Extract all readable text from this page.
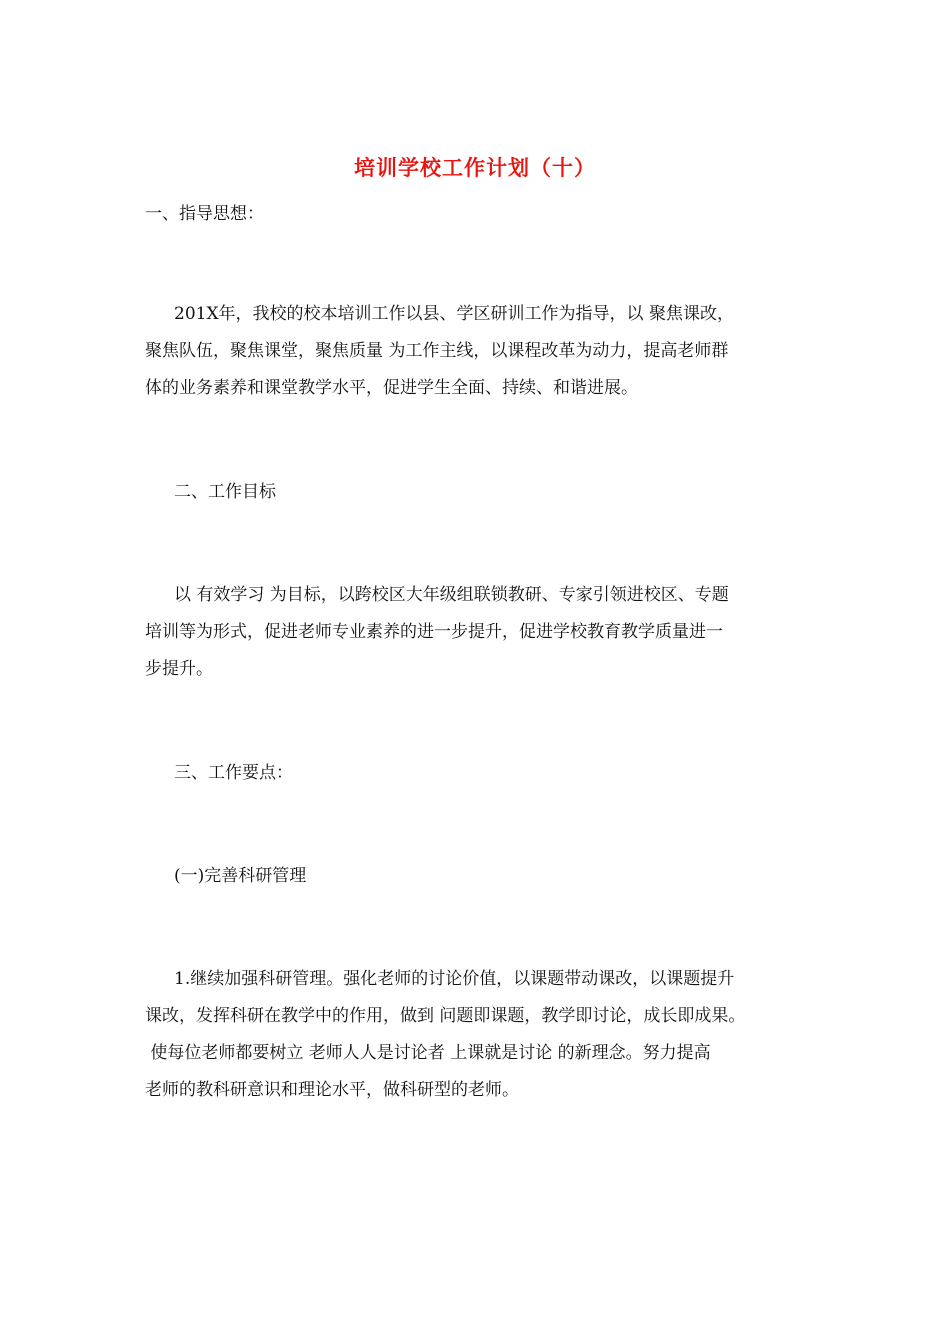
培训学校工作计划（十）
一、指导思想：
201X年，我校的校本培训工作以县、学区研训工作为指导，以 聚焦课改，
聚焦队伍，聚焦课堂，聚焦质量 为工作主线，以课程改革为动力，提高老师群
体的业务素养和课堂教学水平，促进学生全面、持续、和谐进展。
二、工作目标
以 有效学习 为目标，以跨校区大年级组联锁教研、专家引领进校区、专题
培训等为形式，促进老师专业素养的进一步提升，促进学校教育教学质量进一
步提升。
三、工作要点：
(一)完善科研管理
1.继续加强科研管理。强化老师的讨论价值，以课题带动课改，以课题提升
课改，发挥科研在教学中的作用，做到 问题即课题，教学即讨论，成长即成果。
使每位老师都要树立 老师人人是讨论者 上课就是讨论 的新理念。努力提高
老师的教科研意识和理论水平，做科研型的老师。
